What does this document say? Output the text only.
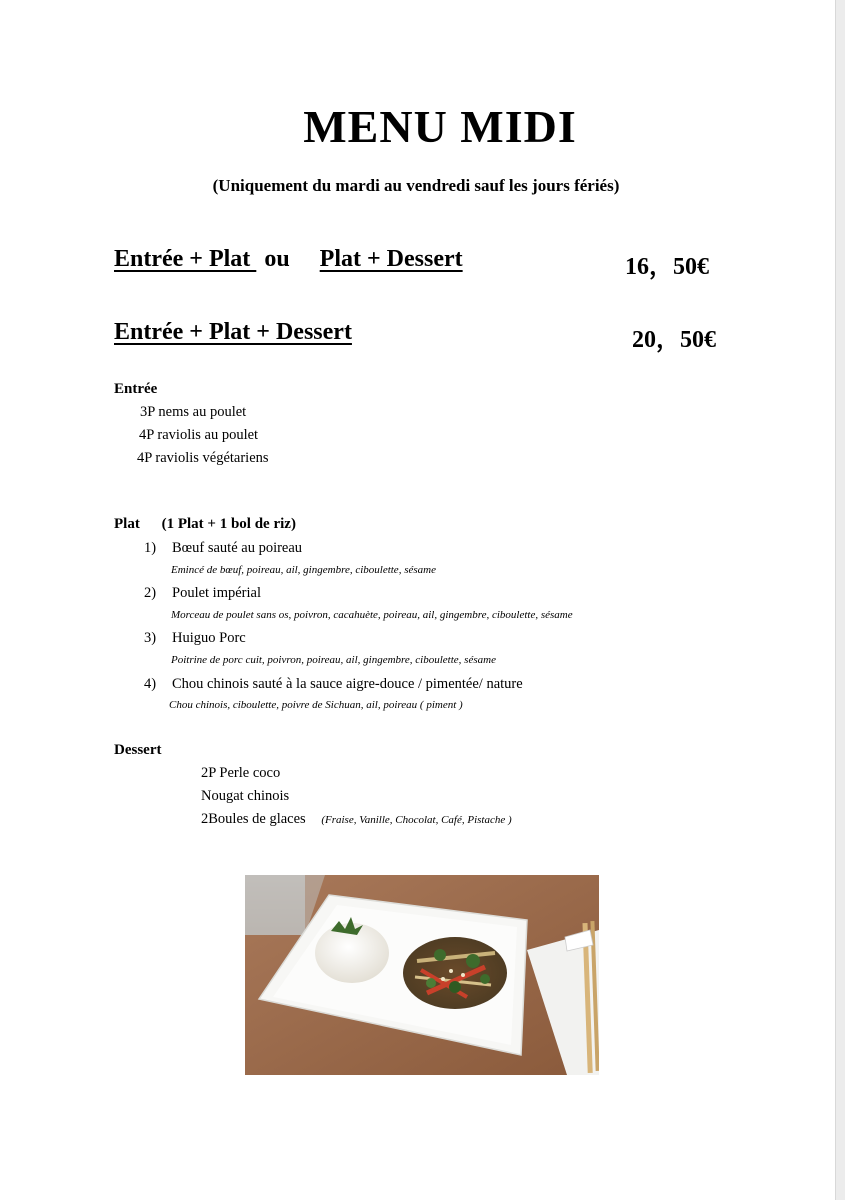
MENU MIDI
(Uniquement du mardi au vendredi sauf les jours fériés)
Entrée + Plat ou Plat + Dessert	16，50€
Entrée + Plat + Dessert	20，50€
Entrée
3P nems au poulet
4P raviolis au poulet
4P raviolis végétariens
Plat (1 Plat + 1 bol de riz)
1) Bœuf sauté au poireau
Emincé de bœuf, poireau, ail, gingembre, ciboulette, sésame
2) Poulet impérial
Morceau de poulet sans os, poivron, cacahuète, poireau, ail, gingembre, ciboulette, sésame
3) Huiguo Porc
Poitrine de porc cuit, poivron, poireau, ail, gingembre, ciboulette, sésame
4) Chou chinois sauté à la sauce aigre-douce / pimentée/ nature
Chou chinois, ciboulette, poivre de Sichuan, ail, poireau ( piment )
Dessert
2P Perle coco
Nougat chinois
2Boules de glaces (Fraise, Vanille, Chocolat, Café, Pistache )
